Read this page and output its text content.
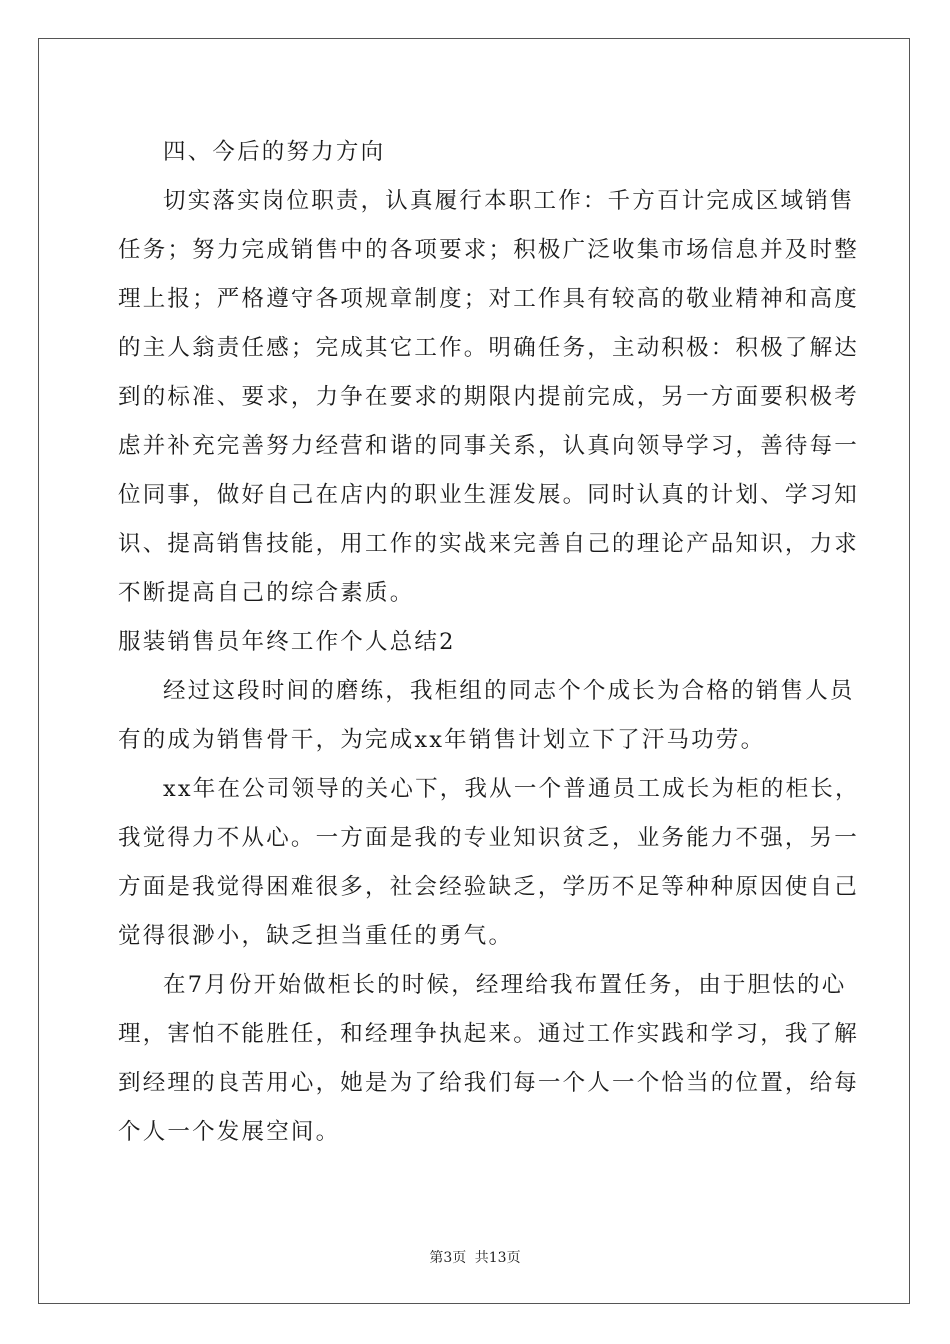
四、今后的努力方向
切实落实岗位职责，认真履行本职工作：千方百计完成区域销售
任务；努力完成销售中的各项要求；积极广泛收集市场信息并及时整
理上报；严格遵守各项规章制度；对工作具有较高的敬业精神和高度
的主人翁责任感；完成其它工作。明确任务，主动积极：积极了解达
到的标准、要求，力争在要求的期限内提前完成，另一方面要积极考
虑并补充完善努力经营和谐的同事关系，认真向领导学习，善待每一
位同事，做好自己在店内的职业生涯发展。同时认真的计划、学习知
识、提高销售技能，用工作的实战来完善自己的理论产品知识，力求
不断提高自己的综合素质。
服装销售员年终工作个人总结2
经过这段时间的磨练，我柜组的同志个个成长为合格的销售人员
有的成为销售骨干，为完成xx年销售计划立下了汗马功劳。
xx年在公司领导的关心下，我从一个普通员工成长为柜的柜长，
我觉得力不从心。一方面是我的专业知识贫乏，业务能力不强，另一
方面是我觉得困难很多，社会经验缺乏，学历不足等种种原因使自己
觉得很渺小，缺乏担当重任的勇气。
在7月份开始做柜长的时候，经理给我布置任务，由于胆怯的心
理，害怕不能胜任，和经理争执起来。通过工作实践和学习，我了解
到经理的良苦用心，她是为了给我们每一个人一个恰当的位置，给每
个人一个发展空间。
第3页 共13页
